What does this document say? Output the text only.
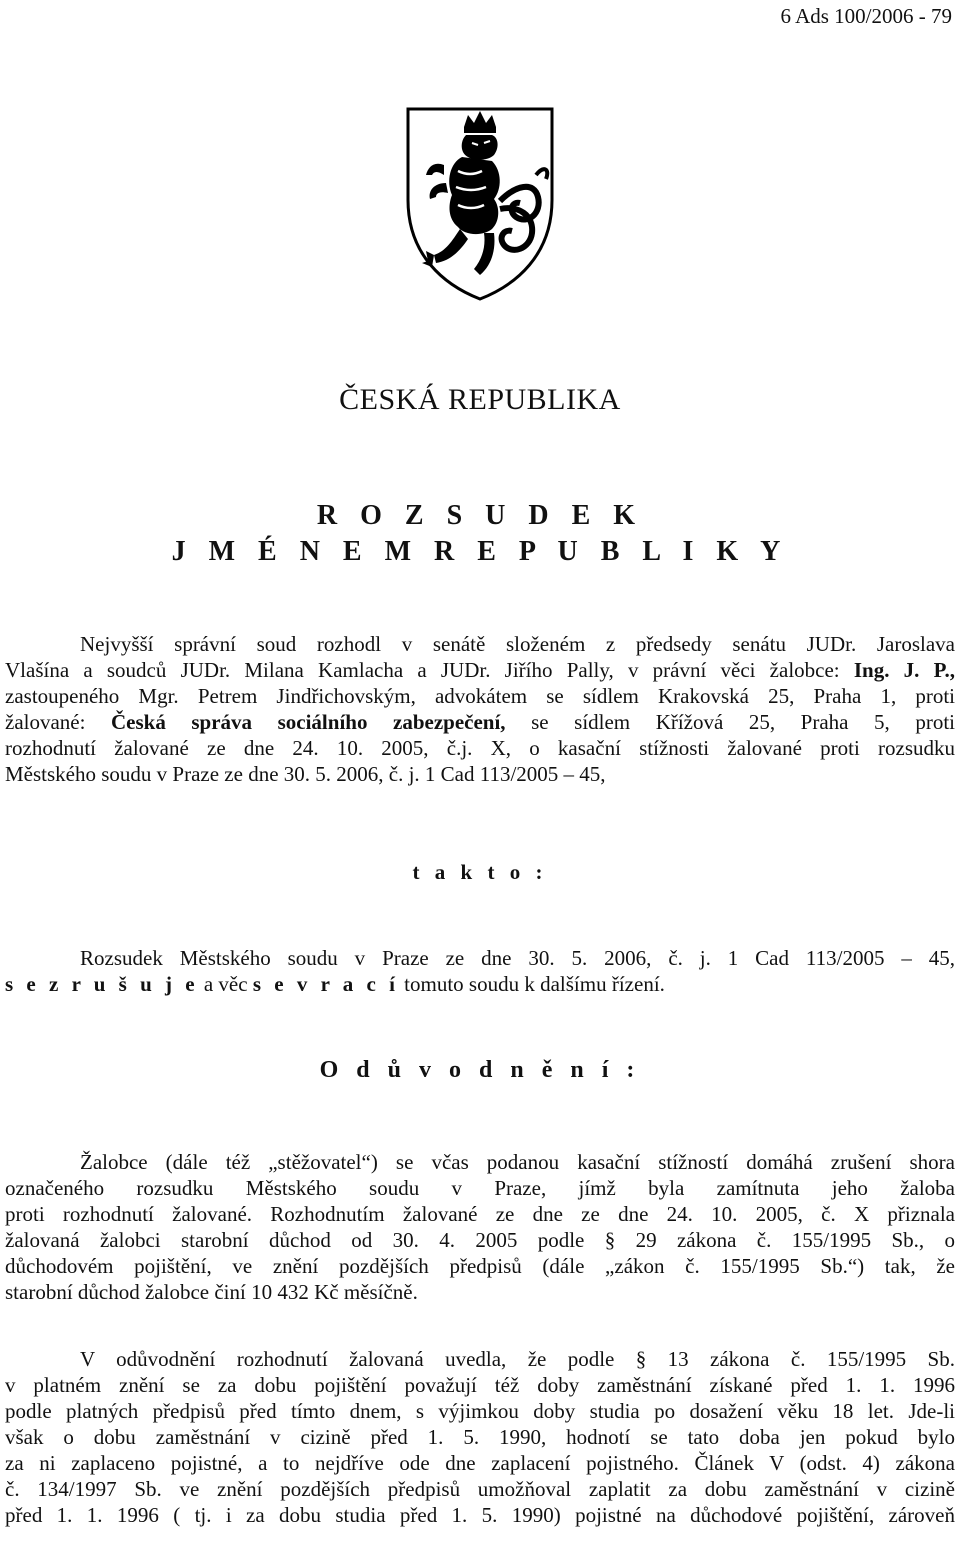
6 Ads 100/2006 - 79
ČESKÁ REPUBLIKA
R O Z S U D E K
J M É N E M R E P U B L I K Y
Nejvyšší správní soud rozhodl v senátě složeném z předsedy senátu JUDr. Jaroslava
Vlašína a soudců JUDr. Milana Kamlacha a JUDr. Jiřího Pally, v právní věci žalobce: Ing. J. P.,
zastoupeného Mgr. Petrem Jindřichovským, advokátem se sídlem Krakovská 25, Praha 1, proti
žalované: Česká správa sociálního zabezpečení, se sídlem Křížová 25, Praha 5, proti
rozhodnutí žalované ze dne 24. 10. 2005, č.j. X, o kasační stížnosti žalované proti rozsudku
Městského soudu v Praze ze dne 30. 5. 2006, č. j. 1 Cad 113/2005 – 45,
t a k t o :
Rozsudek Městského soudu v Praze ze dne 30. 5. 2006, č. j. 1 Cad 113/2005 – 45,
s e z r u š u j e a věc s e v r a c í tomuto soudu k dalšímu řízení.
O d ů v o d n ě n í :
Žalobce (dále též „stěžovatel“) se včas podanou kasační stížností domáhá zrušení shora
označeného rozsudku Městského soudu v Praze, jímž byla zamítnuta jeho žaloba
proti rozhodnutí žalované. Rozhodnutím žalované ze dne ze dne 24. 10. 2005, č. X přiznala
žalovaná žalobci starobní důchod od 30. 4. 2005 podle § 29 zákona č. 155/1995 Sb., o
důchodovém pojištění, ve znění pozdějších předpisů (dále „zákon č. 155/1995 Sb.“) tak, že
starobní důchod žalobce činí 10 432 Kč měsíčně.
V odůvodnění rozhodnutí žalovaná uvedla, že podle § 13 zákona č. 155/1995 Sb.
v platném znění se za dobu pojištění považují též doby zaměstnání získané před 1. 1. 1996
podle platných předpisů před tímto dnem, s výjimkou doby studia po dosažení věku 18 let. Jde-li
však o dobu zaměstnání v cizině před 1. 5. 1990, hodnotí se tato doba jen pokud bylo
za ni zaplaceno pojistné, a to nejdříve ode dne zaplacení pojistného. Článek V (odst. 4) zákona
č. 134/1997 Sb. ve znění pozdějších předpisů umožňoval zaplatit za dobu zaměstnání v cizině
před 1. 1. 1996 ( tj. i za dobu studia před 1. 5. 1990) pojistné na důchodové pojištění, zároveň
